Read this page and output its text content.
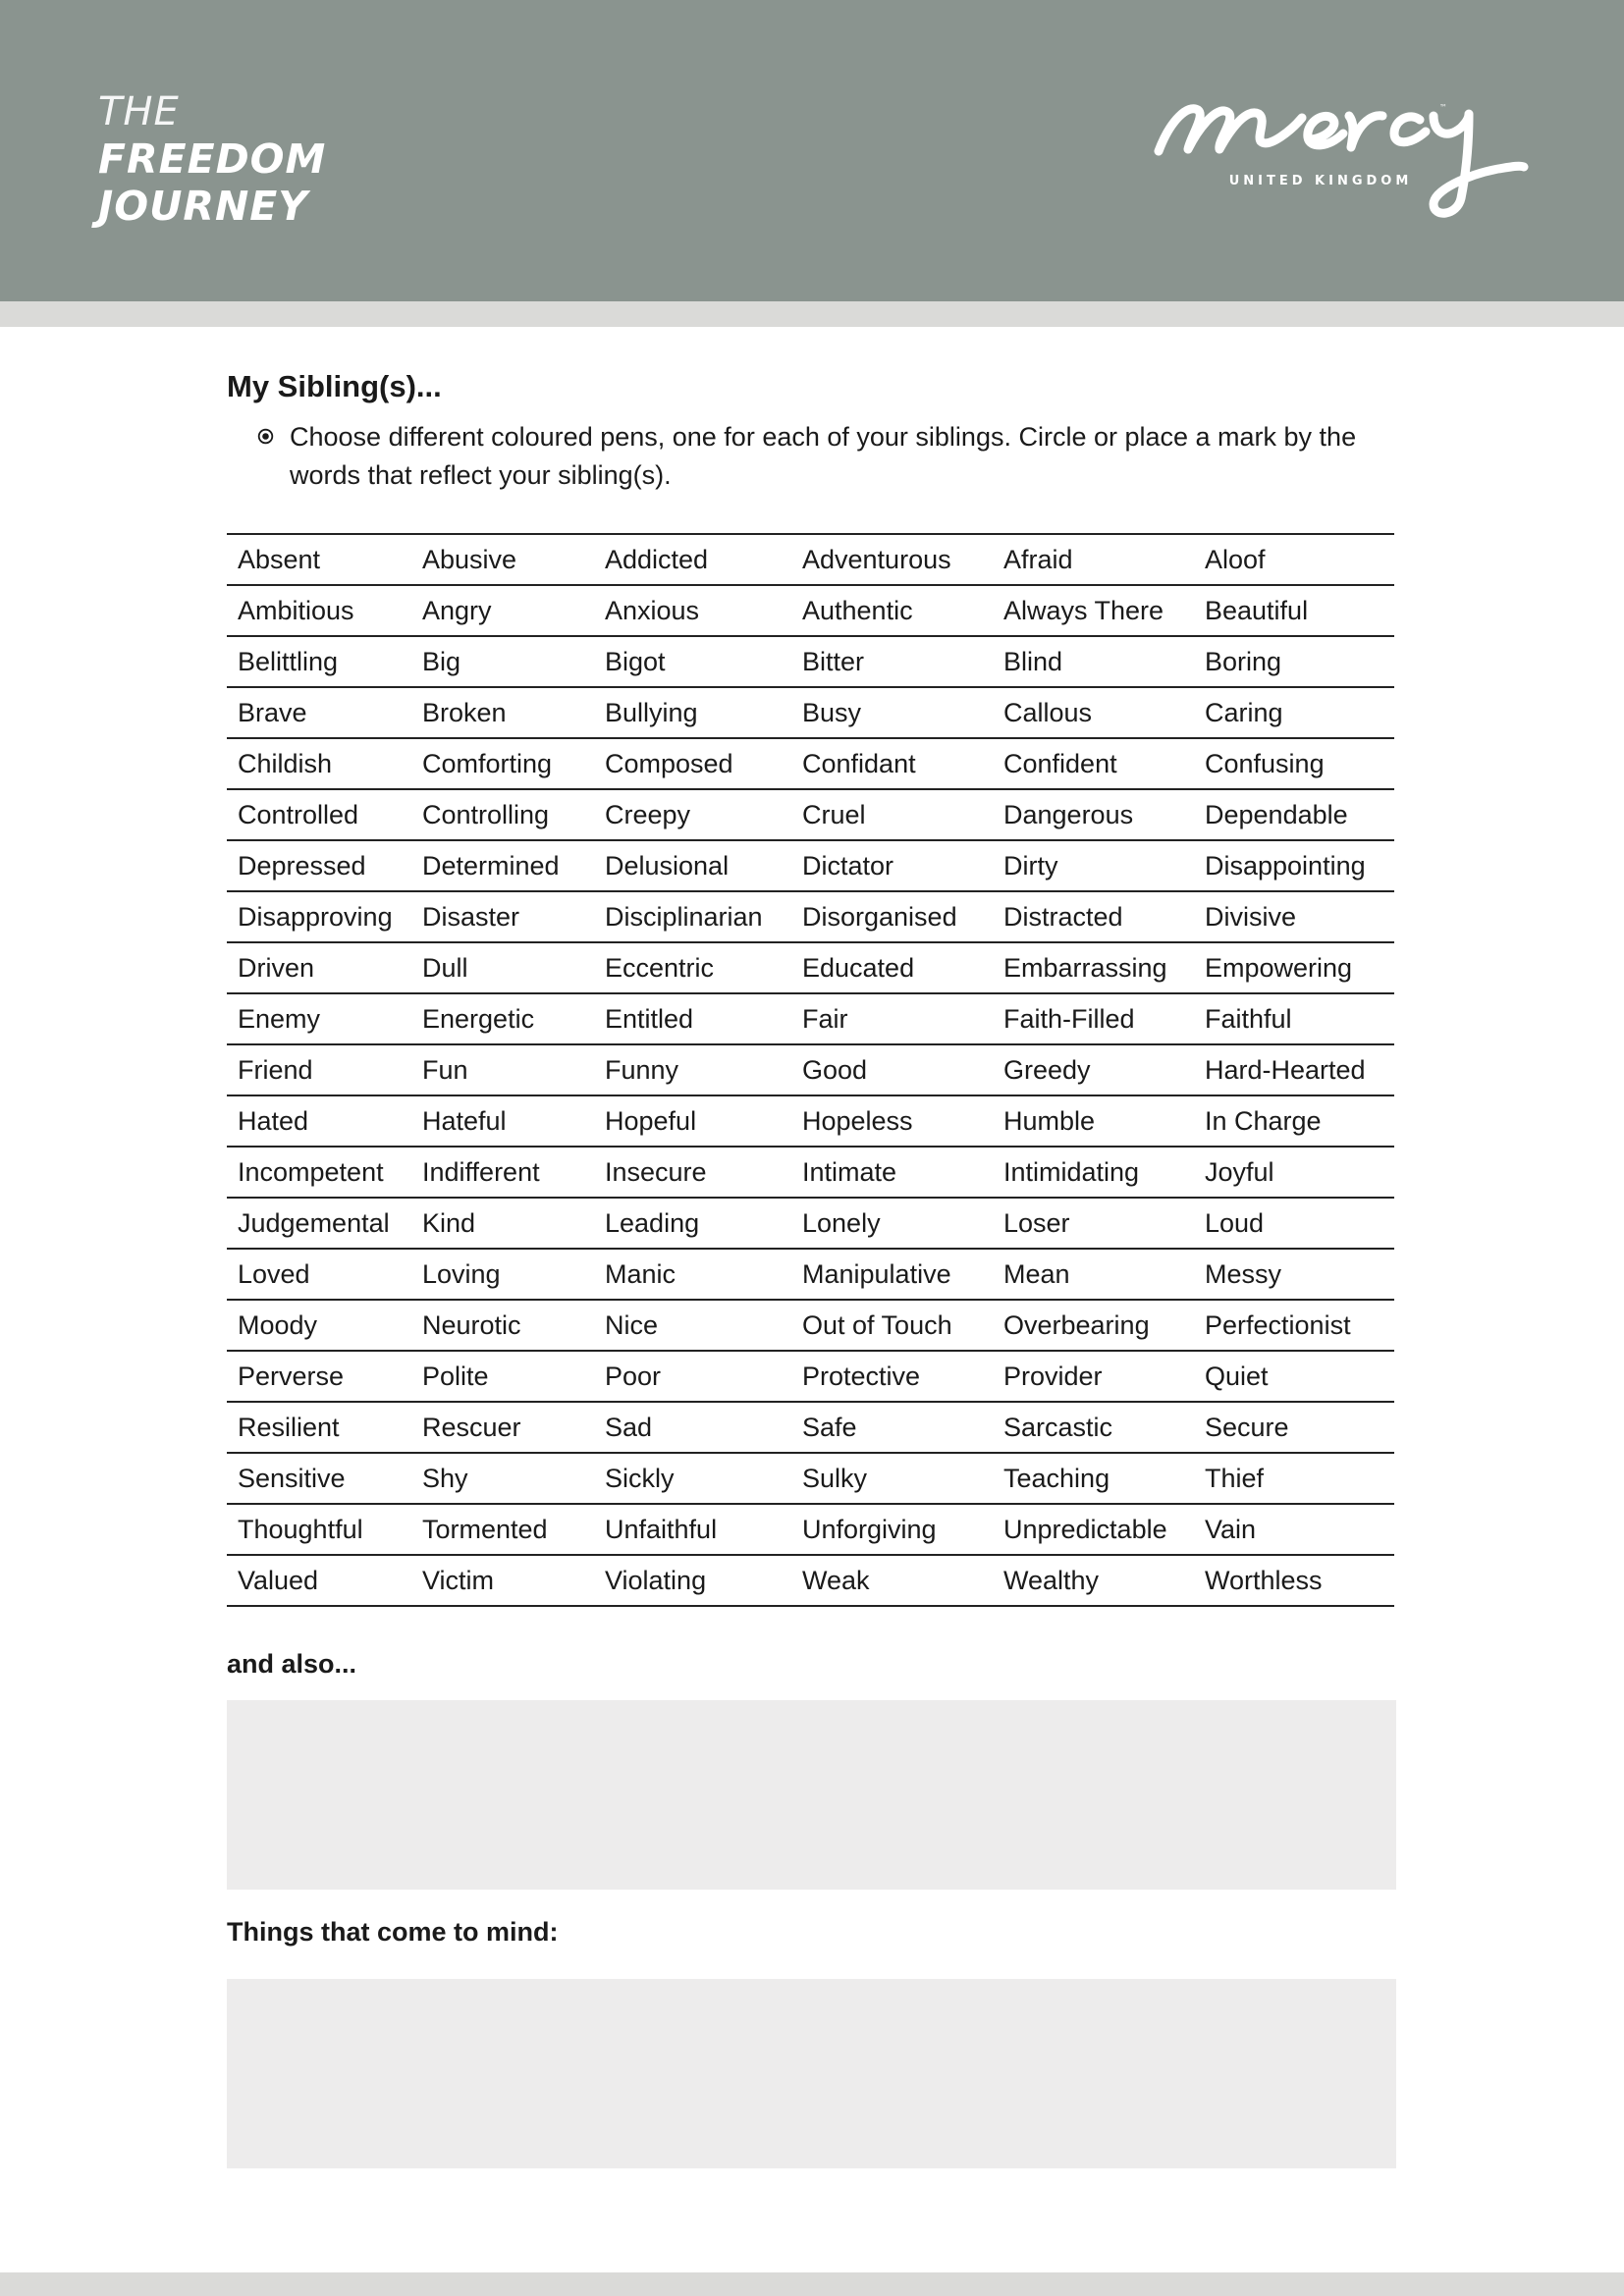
THE
FREEDOM
JOURNEY
™
UNITED KINGDOM
My Sibling(s)...
Choose different coloured pens, one for each of your siblings. Circle or place a mark by the words that reflect your sibling(s).
Absent	Abusive	Addicted	Adventurous	Afraid	Aloof
Ambitious	Angry	Anxious	Authentic	Always There	Beautiful
Belittling	Big	Bigot	Bitter	Blind	Boring
Brave	Broken	Bullying	Busy	Callous	Caring
Childish	Comforting	Composed	Confidant	Confident	Confusing
Controlled	Controlling	Creepy	Cruel	Dangerous	Dependable
Depressed	Determined	Delusional	Dictator	Dirty	Disappointing
Disapproving	Disaster	Disciplinarian	Disorganised	Distracted	Divisive
Driven	Dull	Eccentric	Educated	Embarrassing	Empowering
Enemy	Energetic	Entitled	Fair	Faith-Filled	Faithful
Friend	Fun	Funny	Good	Greedy	Hard-Hearted
Hated	Hateful	Hopeful	Hopeless	Humble	In Charge
Incompetent	Indifferent	Insecure	Intimate	Intimidating	Joyful
Judgemental	Kind	Leading	Lonely	Loser	Loud
Loved	Loving	Manic	Manipulative	Mean	Messy
Moody	Neurotic	Nice	Out of Touch	Overbearing	Perfectionist
Perverse	Polite	Poor	Protective	Provider	Quiet
Resilient	Rescuer	Sad	Safe	Sarcastic	Secure
Sensitive	Shy	Sickly	Sulky	Teaching	Thief
Thoughtful	Tormented	Unfaithful	Unforgiving	Unpredictable	Vain
Valued	Victim	Violating	Weak	Wealthy	Worthless
and also...
Things that come to mind:
